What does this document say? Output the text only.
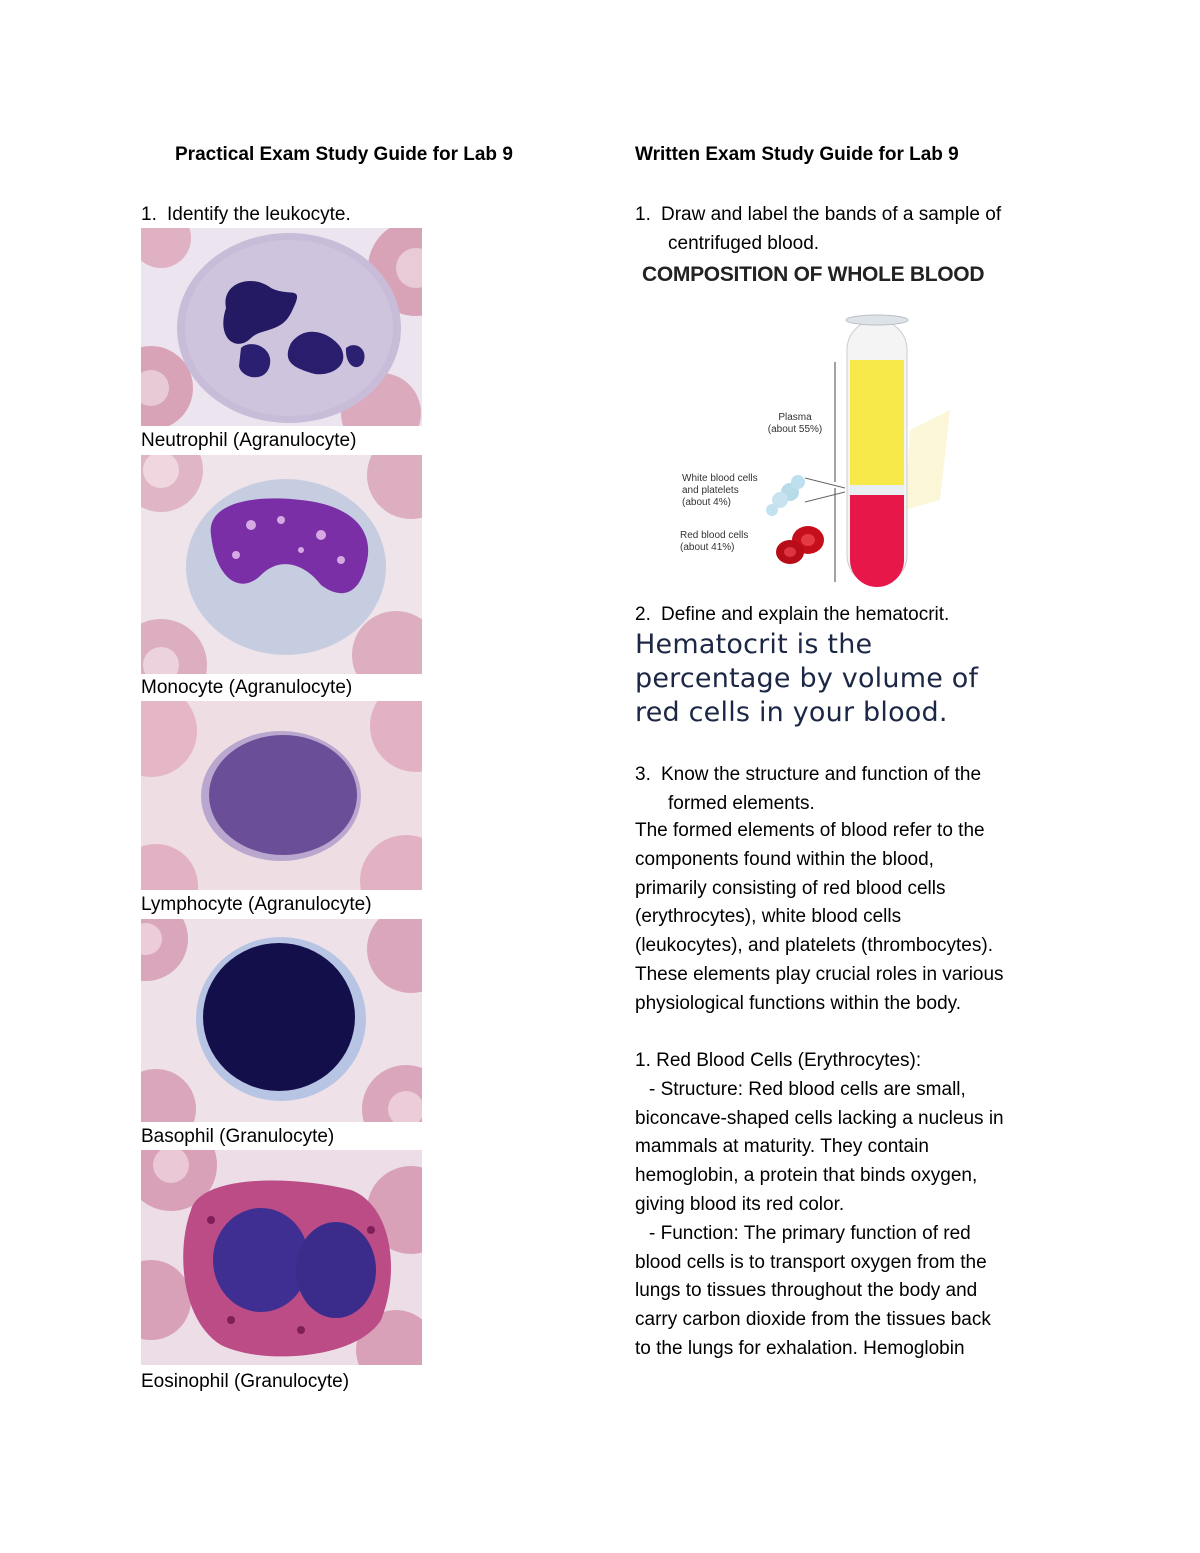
Practical Exam Study Guide for Lab 9
1. Identify the leukocyte.
Neutrophil (Agranulocyte)
Monocyte (Agranulocyte)
Lymphocyte (Agranulocyte)
Basophil (Granulocyte)
Eosinophil (Granulocyte)
Written Exam Study Guide for Lab 9
1. Draw and label the bands of a sample of
centrifuged blood.
COMPOSITION OF WHOLE BLOOD
Plasma
(about 55%)
White blood cells
and platelets
(about 4%)
Red blood cells
(about 41%)
2. Define and explain the hematocrit.
Hematocrit is the
percentage by volume of
red cells in your blood.
3. Know the structure and function of the
formed elements.

The formed elements of blood refer to the

components found within the blood,

primarily consisting of red blood cells

(erythrocytes), white blood cells

(leukocytes), and platelets (thrombocytes).

These elements play crucial roles in various

physiological functions within the body.

1. Red Blood Cells (Erythrocytes):

- Structure: Red blood cells are small,

biconcave-shaped cells lacking a nucleus in

mammals at maturity. They contain

hemoglobin, a protein that binds oxygen,

giving blood its red color.

- Function: The primary function of red

blood cells is to transport oxygen from the

lungs to tissues throughout the body and

carry carbon dioxide from the tissues back

to the lungs for exhalation. Hemoglobin
